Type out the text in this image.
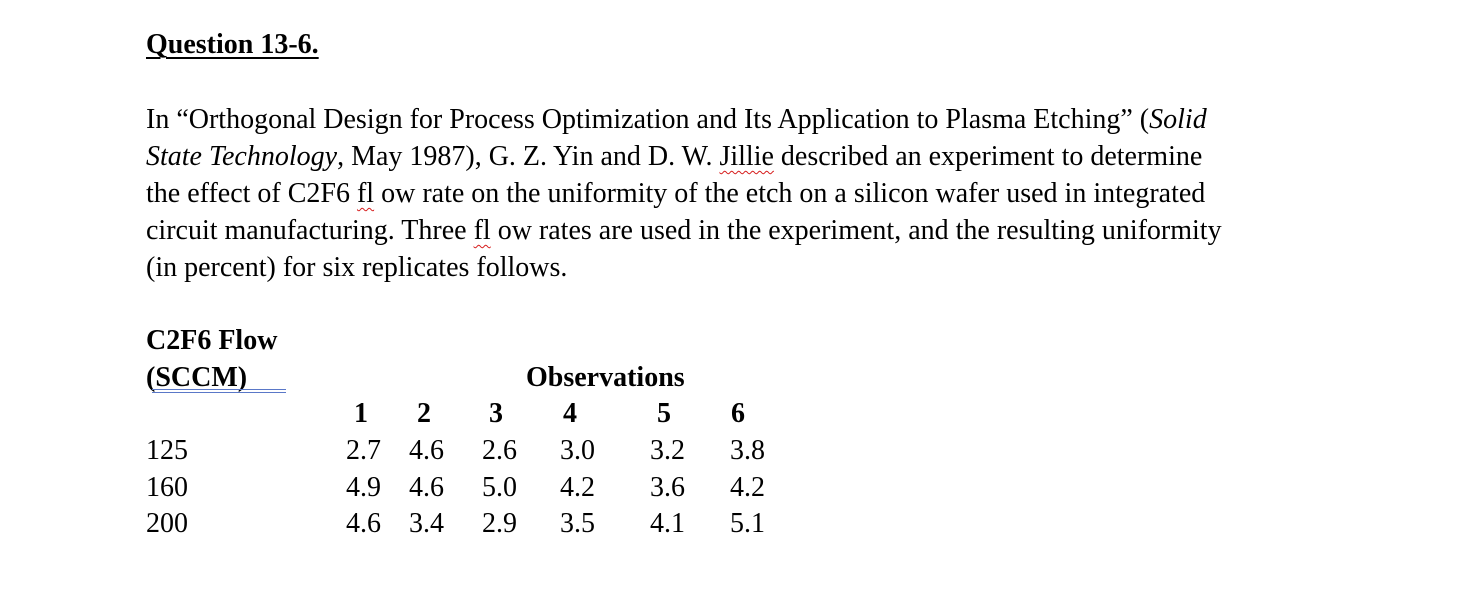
Question 13-6.
In “Orthogonal Design for Process Optimization and Its Application to Plasma Etching” (Solid
State Technology, May 1987), G. Z. Yin and D. W. Jillie described an experiment to determine
the effect of C2F6 fl ow rate on the uniformity of the etch on a silicon wafer used in integrated
circuit manufacturing. Three fl ow rates are used in the experiment, and the resulting uniformity
(in percent) for six replicates follows.
C2F6 Flow
(SCCM)	Observations
1 2 3 4	5 6
125	2.7 4.6 2.6 3.0 3.2 3.8
160	4.9 4.6 5.0 4.2 3.6 4.2
200	4.6 3.4 2.9 3.5 4.1 5.1
